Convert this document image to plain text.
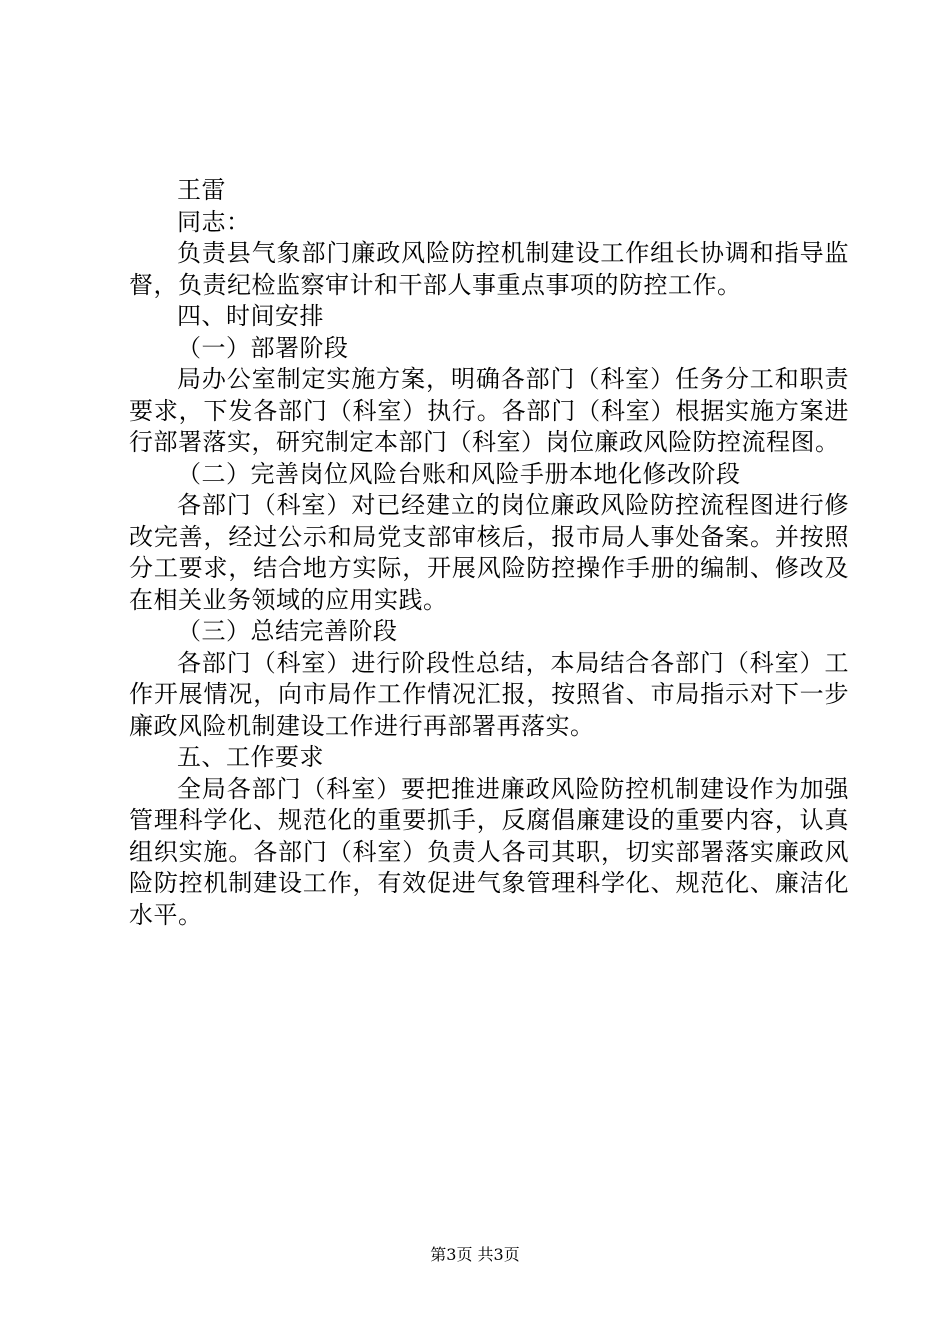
王雷

同志：

负责县气象部门廉政风险防控机制建设工作组长协调和指导监督，负责纪检监察审计和干部人事重点事项的防控工作。

四、时间安排

（一）部署阶段

局办公室制定实施方案，明确各部门（科室）任务分工和职责要求，下发各部门（科室）执行。各部门（科室）根据实施方案进行部署落实，研究制定本部门（科室）岗位廉政风险防控流程图。

（二）完善岗位风险台账和风险手册本地化修改阶段

各部门（科室）对已经建立的岗位廉政风险防控流程图进行修改完善，经过公示和局党支部审核后，报市局人事处备案。并按照分工要求，结合地方实际，开展风险防控操作手册的编制、修改及在相关业务领域的应用实践。

（三）总结完善阶段

各部门（科室）进行阶段性总结，本局结合各部门（科室）工作开展情况，向市局作工作情况汇报，按照省、市局指示对下一步廉政风险机制建设工作进行再部署再落实。

五、工作要求

全局各部门（科室）要把推进廉政风险防控机制建设作为加强管理科学化、规范化的重要抓手，反腐倡廉建设的重要内容，认真组织实施。各部门（科室）负责人各司其职，切实部署落实廉政风险防控机制建设工作，有效促进气象管理科学化、规范化、廉洁化水平。

第3页 共3页
